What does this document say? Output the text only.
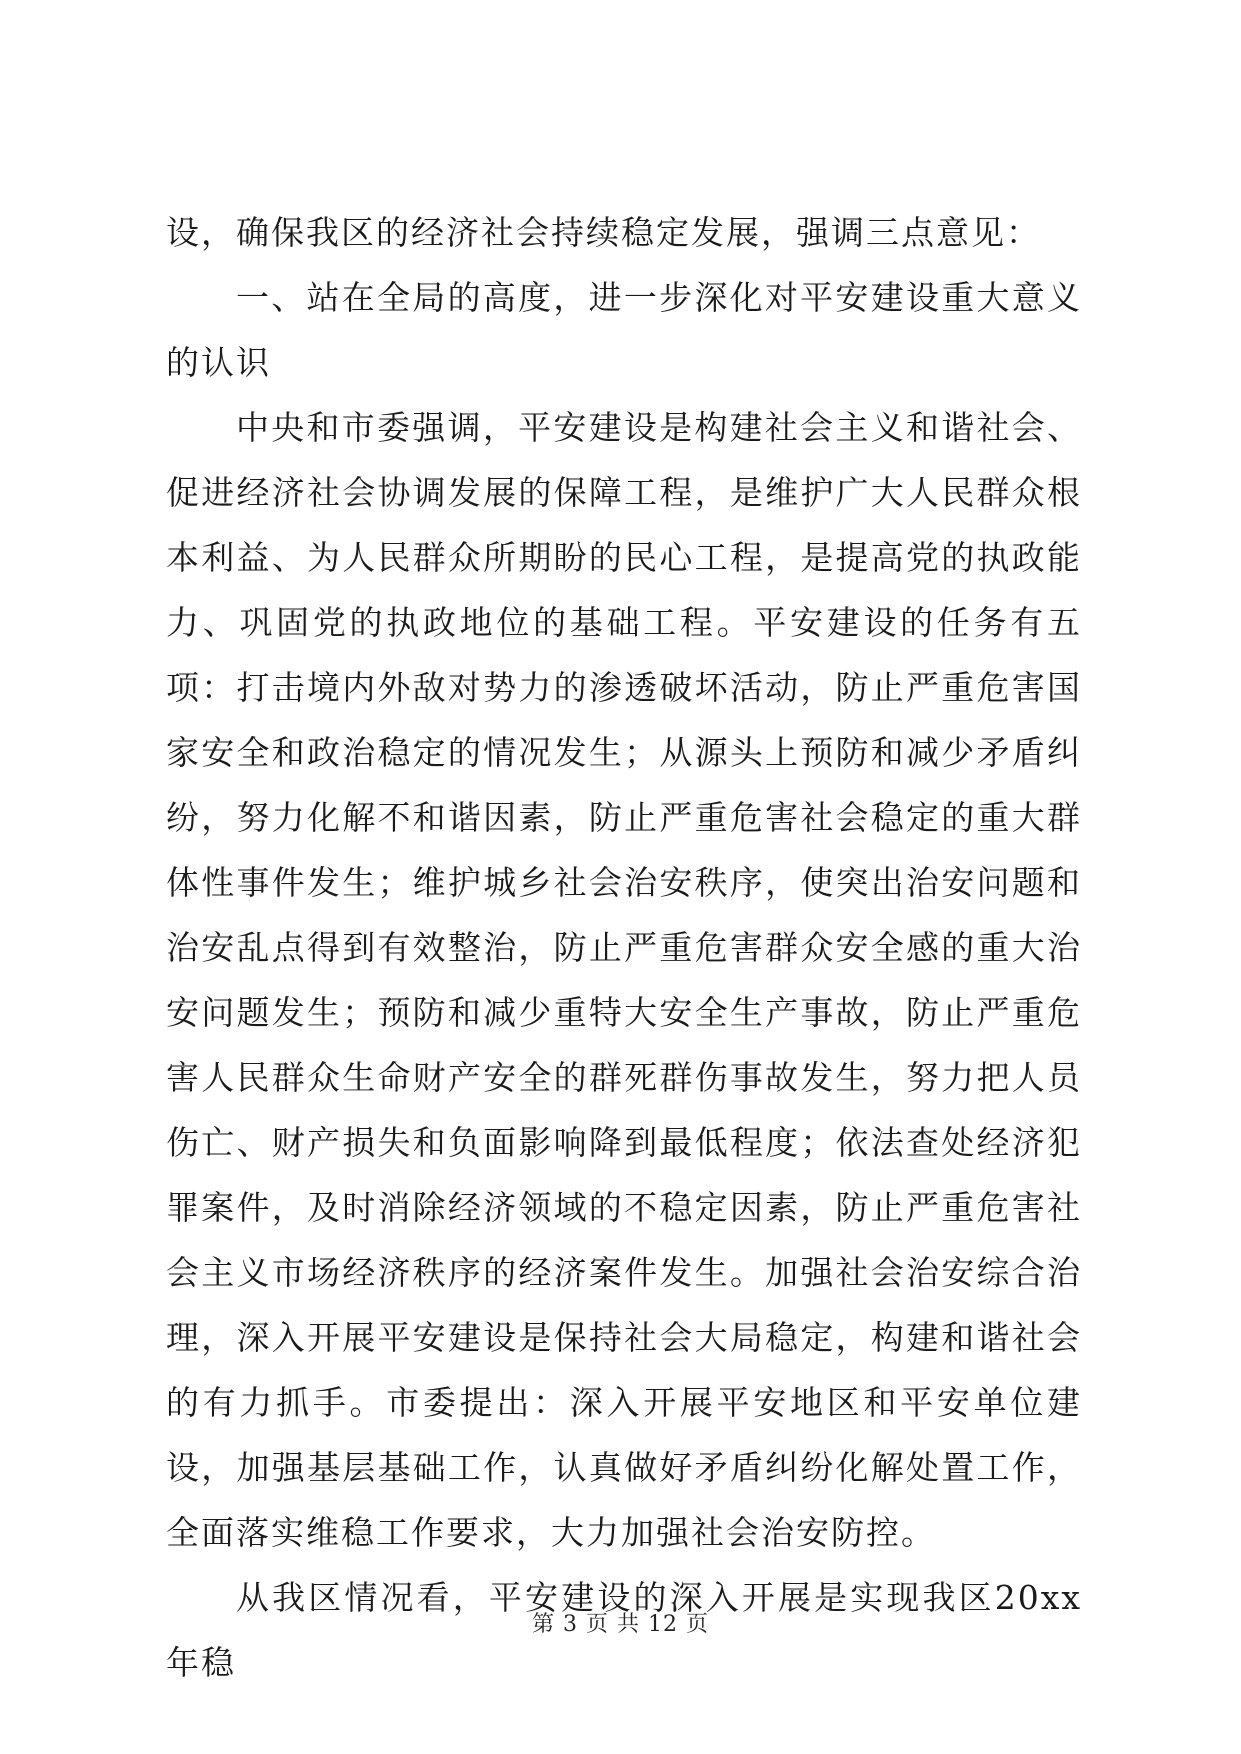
设，确保我区的经济社会持续稳定发展，强调三点意见：

一、站在全局的高度，进一步深化对平安建设重大意义的认识

中央和市委强调，平安建设是构建社会主义和谐社会、促进经济社会协调发展的保障工程，是维护广大人民群众根本利益、为人民群众所期盼的民心工程，是提高党的执政能力、巩固党的执政地位的基础工程。平安建设的任务有五项：打击境内外敌对势力的渗透破坏活动，防止严重危害国家安全和政治稳定的情况发生；从源头上预防和减少矛盾纠纷，努力化解不和谐因素，防止严重危害社会稳定的重大群体性事件发生；维护城乡社会治安秩序，使突出治安问题和治安乱点得到有效整治，防止严重危害群众安全感的重大治安问题发生；预防和减少重特大安全生产事故，防止严重危害人民群众生命财产安全的群死群伤事故发生，努力把人员伤亡、财产损失和负面影响降到最低程度；依法查处经济犯罪案件，及时消除经济领域的不稳定因素，防止严重危害社会主义市场经济秩序的经济案件发生。加强社会治安综合治理，深入开展平安建设是保持社会大局稳定，构建和谐社会的有力抓手。市委提出：深入开展平安地区和平安单位建设，加强基层基础工作，认真做好矛盾纠纷化解处置工作，全面落实维稳工作要求，大力加强社会治安防控。

从我区情况看，平安建设的深入开展是实现我区20xx年稳

第 3 页 共 12 页
